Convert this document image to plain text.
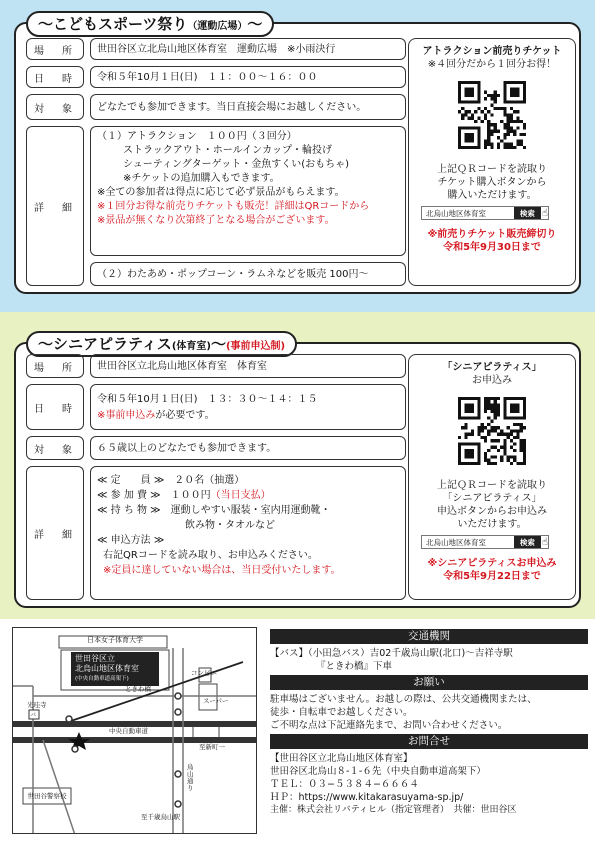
〜こどもスポーツ祭り（運動広場）〜
場　所	世田谷区立北烏山地区体育室　運動広場　※小雨決行
日　時	令和５年10月１日(日)　１１：００〜１６：００
対　象	どなたでも参加できます。当日直接会場にお越しください。
詳　細
（１）アトラクション　１００円（３回分）
ストラックアウト・ホールインカップ・輪投げ
シューティングターゲット・金魚すくい(おもちゃ)
※チケットの追加購入もできます。
※全ての参加者は得点に応じて必ず景品がもらえます。
※１回分お得な前売りチケットも販売！詳細はQRコードから
※景品が無くなり次第終了となる場合がございます。
（２）わたあめ・ポップコーン・ラムネなどを販売 100円〜
アトラクション前売りチケット
※４回分だから１回分お得！
上記ＱＲコードを読取り
チケット購入ボタンから
購入いただけます。
北烏山地区体育室	検索 ☝
※前売りチケット販売締切り
令和5年9月30日まで
〜シニアピラティス(体育室)〜(事前申込制)
場　所	世田谷区立北烏山地区体育室　体育室
日　時
令和５年10月１日(日)　１３：３０〜１４：１５
※事前申込みが必要です。
対　象	６５歳以上のどなたでも参加できます。
詳　細
≪ 定　　員 ≫　２０名（抽選）
≪ 参 加 費 ≫　１００円（当日支払）
≪ 持 ち 物 ≫　運動しやすい服装・室内用運動靴・
飲み物・タオルなど
≪ 申込方法 ≫
右記QRコードを読み取り、お申込みください。
※定員に達していない場合は、当日受付いたします。
「シニアピラティス」
お申込み
上記ＱＲコードを読取り
「シニアピラティス」
申込ボタンからお申込み
いただけます。
北烏山地区体育室	検索 ☝
※シニアピラティスお申込み
令和5年9月22日まで
日本女子体育大学
世田谷区立
北烏山地区体育室
(中央自動車道高架下)
コンビニ
ときわ橋
スーパー
中央自動車道
光珪寺
バ
至新町一
烏山通り
至千歳烏山駅
世田谷警察校
交通機関
【バス】（小田急バス）吉02千歳烏山駅(北口)〜吉祥寺駅
『ときわ橋』下車
お願い
駐車場はございません。お越しの際は、公共交通機関または、
徒歩・自転車でお越しください。
ご不明な点は下記連絡先まで、お問い合わせください。
お問合せ
【世田谷区立北烏山地区体育室】
世田谷区北烏山８-１-６先（中央自動車道高架下）
ＴＥＬ：０３−５３８４−６６６４
ＨＰ：https://www.kitakarasuyama-sp.jp/
主催：株式会社リバティヒル（指定管理者）　共催：世田谷区
